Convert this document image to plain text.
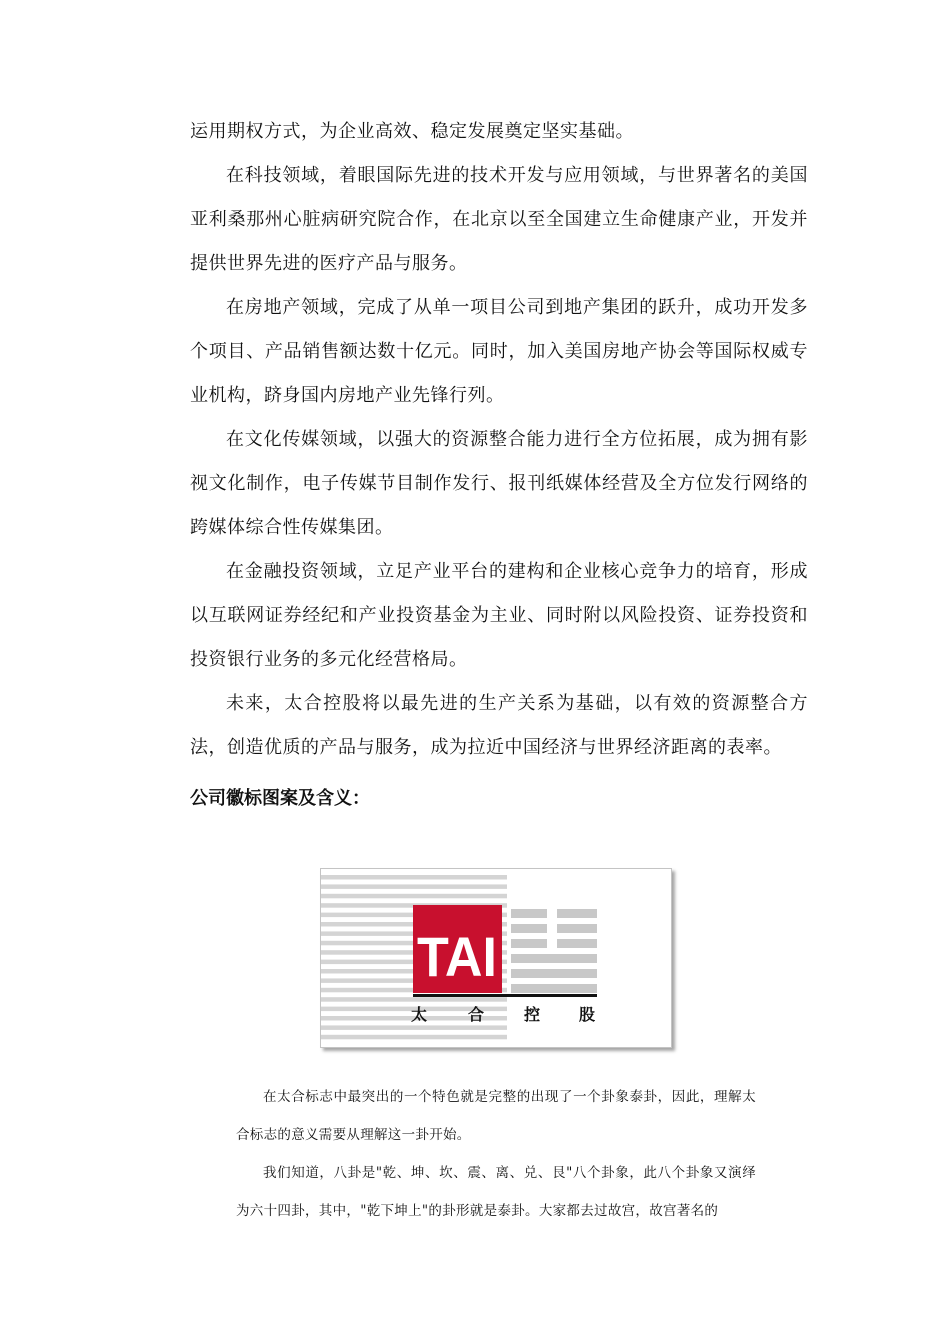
运用期权方式，为企业高效、稳定发展奠定坚实基础。

在科技领域，着眼国际先进的技术开发与应用领域，与世界著名的美国亚利桑那州心脏病研究院合作，在北京以至全国建立生命健康产业，开发并提供世界先进的医疗产品与服务。

在房地产领域，完成了从单一项目公司到地产集团的跃升，成功开发多个项目、产品销售额达数十亿元。同时，加入美国房地产协会等国际权威专业机构，跻身国内房地产业先锋行列。

在文化传媒领域，以强大的资源整合能力进行全方位拓展，成为拥有影视文化制作，电子传媒节目制作发行、报刊纸媒体经营及全方位发行网络的跨媒体综合性传媒集团。

在金融投资领域，立足产业平台的建构和企业核心竞争力的培育，形成以互联网证券经纪和产业投资基金为主业、同时附以风险投资、证券投资和投资银行业务的多元化经营格局。

未来，太合控股将以最先进的生产关系为基础，以有效的资源整合方法，创造优质的产品与服务，成为拉近中国经济与世界经济距离的表率。

公司徽标图案及含义：
TAI
太	合 控 股

在太合标志中最突出的一个特色就是完整的出现了一个卦象泰卦，因此，理解太合标志的意义需要从理解这一卦开始。

我们知道，八卦是"乾、坤、坎、震、离、兑、艮"八个卦象，此八个卦象又演绎为六十四卦，其中，"乾下坤上"的卦形就是泰卦。大家都去过故宫，故宫著名的
